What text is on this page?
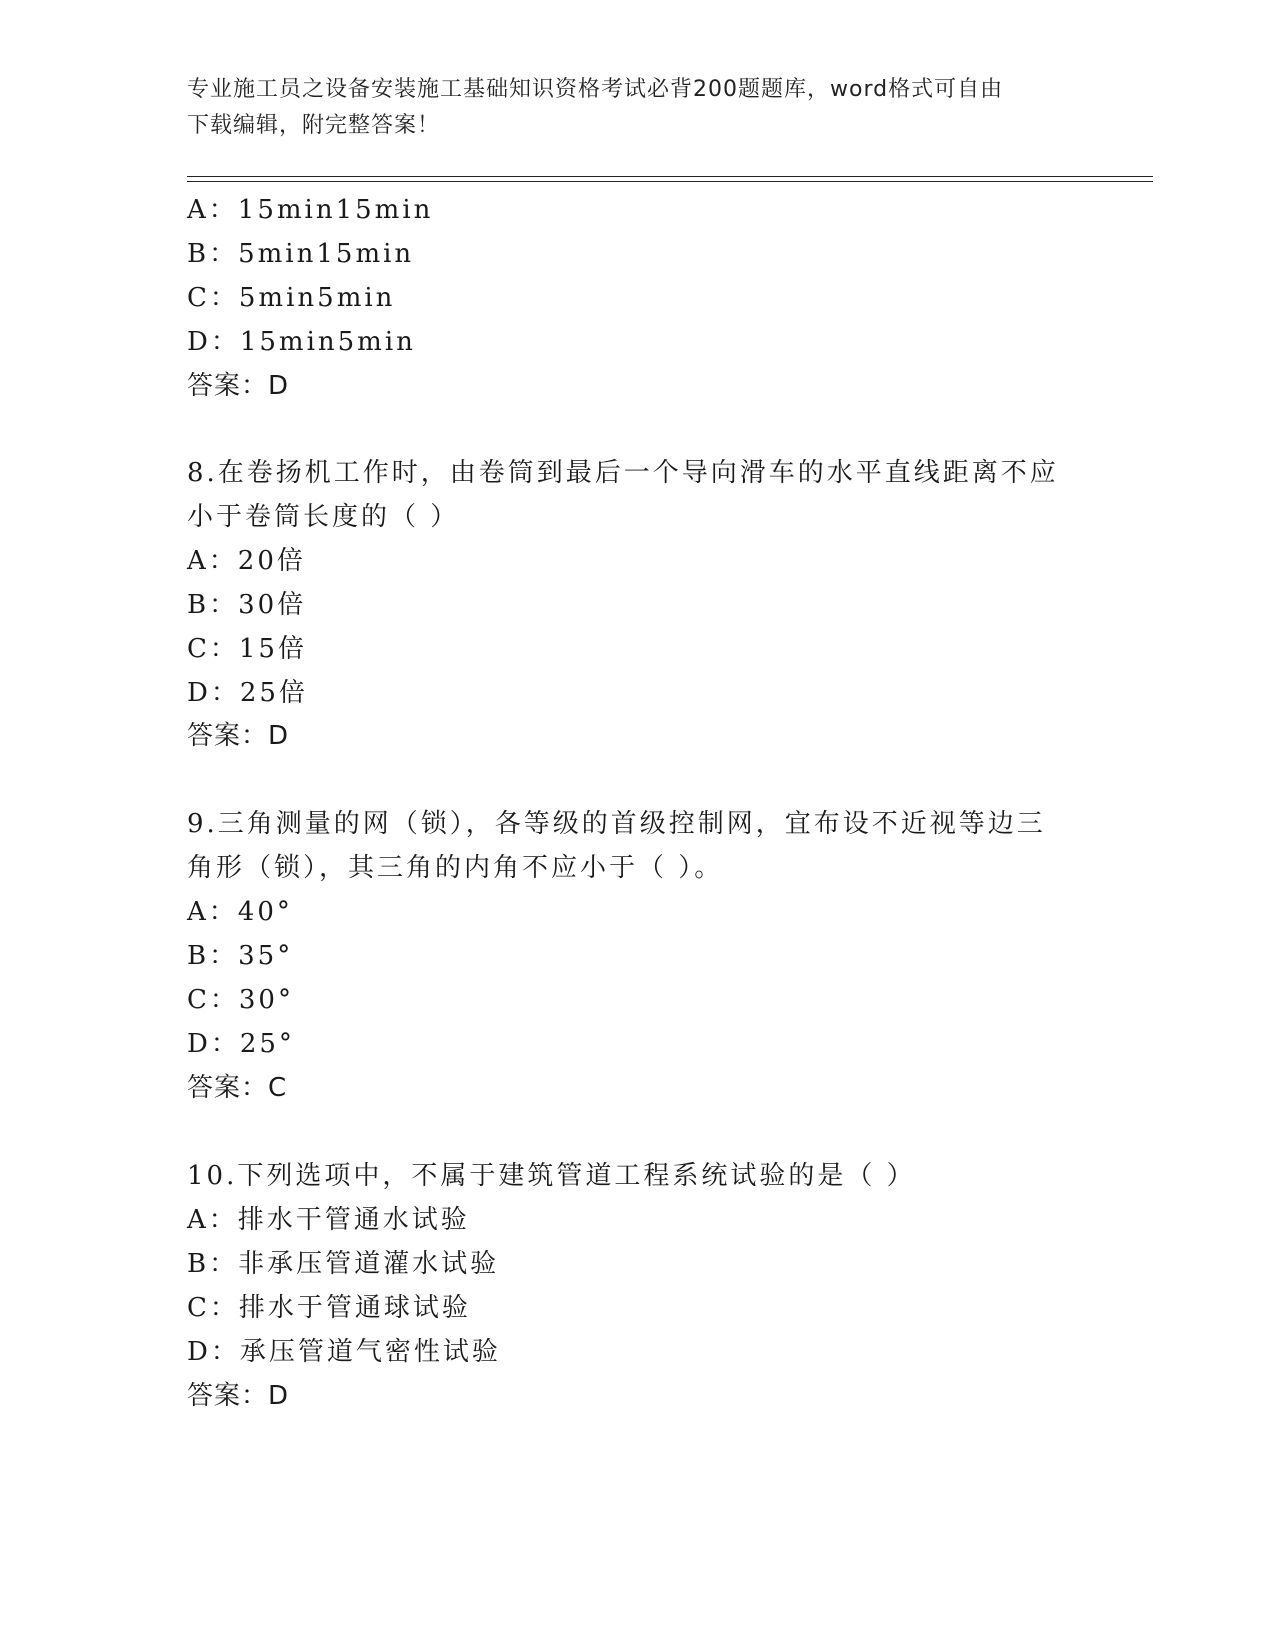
专业施工员之设备安装施工基础知识资格考试必背200题题库，word格式可自由
下载编辑，附完整答案！
A：15min15min
B：5min15min
C：5min5min
D：15min5min
答案：D
8.在卷扬机工作时，由卷筒到最后一个导向滑车的水平直线距离不应
小于卷筒长度的（ ）
A：20倍
B：30倍
C：15倍
D：25倍
答案：D
9.三角测量的网（锁），各等级的首级控制网，宜布设不近视等边三
角形（锁），其三角的内角不应小于（ ）。
A：40°
B：35°
C：30°
D：25°
答案：C
10.下列选项中，不属于建筑管道工程系统试验的是（ ）
A：排水干管通水试验
B：非承压管道灌水试验
C：排水于管通球试验
D：承压管道气密性试验
答案：D
